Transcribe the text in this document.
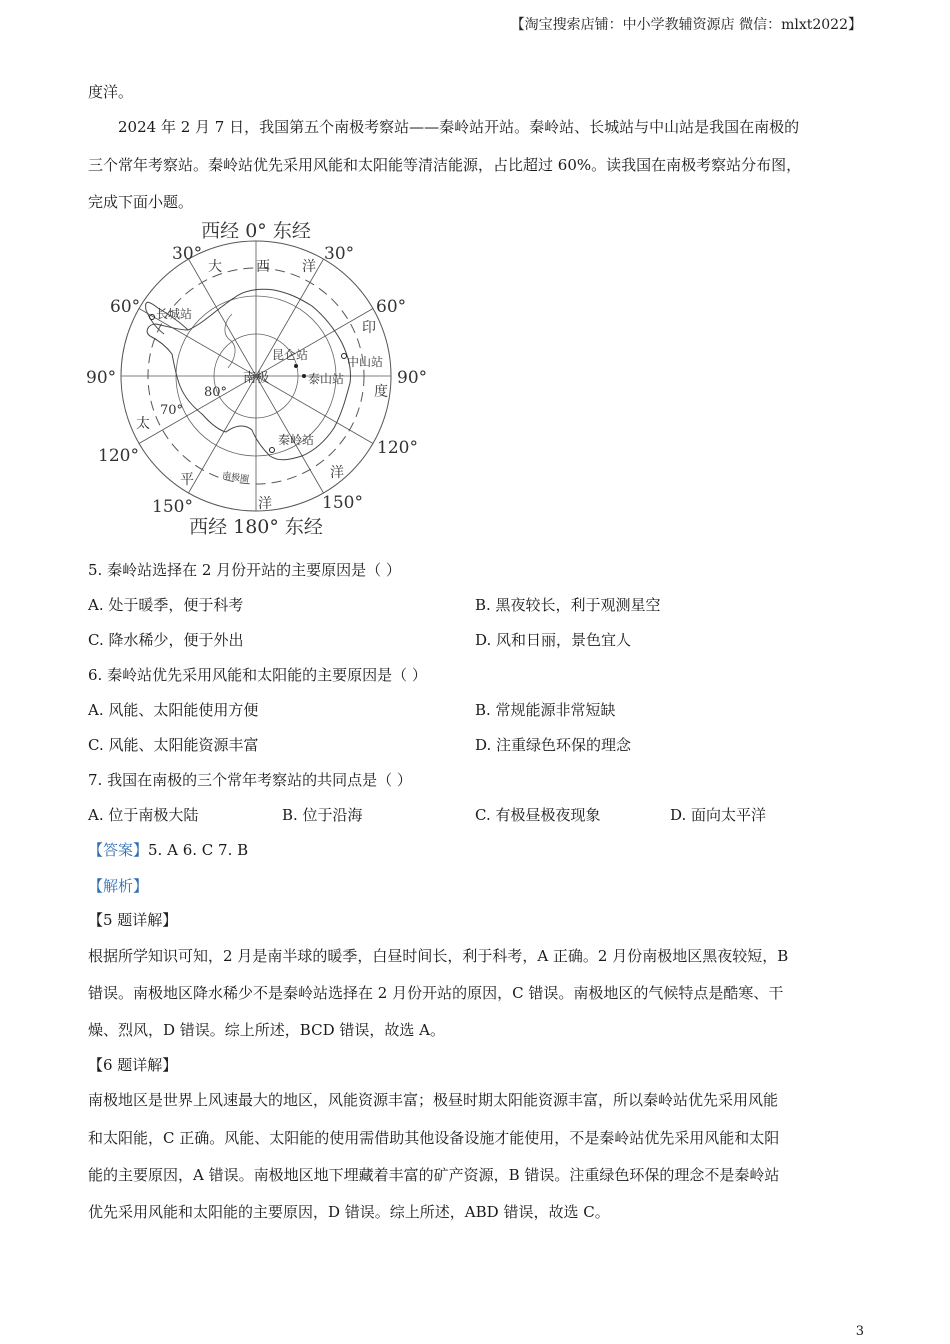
【淘宝搜索店铺：中小学教辅资源店 微信：mlxt2022】
度洋。
2024 年 2 月 7 日，我国第五个南极考察站——秦岭站开站。秦岭站、长城站与中山站是我国在南极的
三个常年考察站。秦岭站优先采用风能和太阳能等清洁能源，占比超过 60%。读我国在南极考察站分布图，
完成下面小题。
西经 0° 东经
西经 180° 东经
30°	30°
60°	60°
90°	90°
120°	120°
150°	150°
80°
70°
南极
南极圈
大 西 洋
印
度
洋
太
平
洋
长城站
昆仑站	中山站
泰山站
秦岭站
5. 秦岭站选择在 2 月份开站的主要原因是（ ）
A. 处于暖季，便于科考	B. 黑夜较长，利于观测星空
C. 降水稀少，便于外出	D. 风和日丽，景色宜人
6. 秦岭站优先采用风能和太阳能的主要原因是（ ）
A. 风能、太阳能使用方便	B. 常规能源非常短缺
C. 风能、太阳能资源丰富	D. 注重绿色环保的理念
7. 我国在南极的三个常年考察站的共同点是（ ）
A. 位于南极大陆	B. 位于沿海	C. 有极昼极夜现象	D. 面向太平洋
【答案】5. A 6. C 7. B
【解析】
【5 题详解】
根据所学知识可知，2 月是南半球的暖季，白昼时间长，利于科考，A 正确。2 月份南极地区黑夜较短，B
错误。南极地区降水稀少不是秦岭站选择在 2 月份开站的原因，C 错误。南极地区的气候特点是酷寒、干
燥、烈风，D 错误。综上所述，BCD 错误，故选 A。
【6 题详解】
南极地区是世界上风速最大的地区，风能资源丰富；极昼时期太阳能资源丰富，所以秦岭站优先采用风能
和太阳能，C 正确。风能、太阳能的使用需借助其他设备设施才能使用，不是秦岭站优先采用风能和太阳
能的主要原因，A 错误。南极地区地下埋藏着丰富的矿产资源，B 错误。注重绿色环保的理念不是秦岭站
优先采用风能和太阳能的主要原因，D 错误。综上所述，ABD 错误，故选 C。
3
